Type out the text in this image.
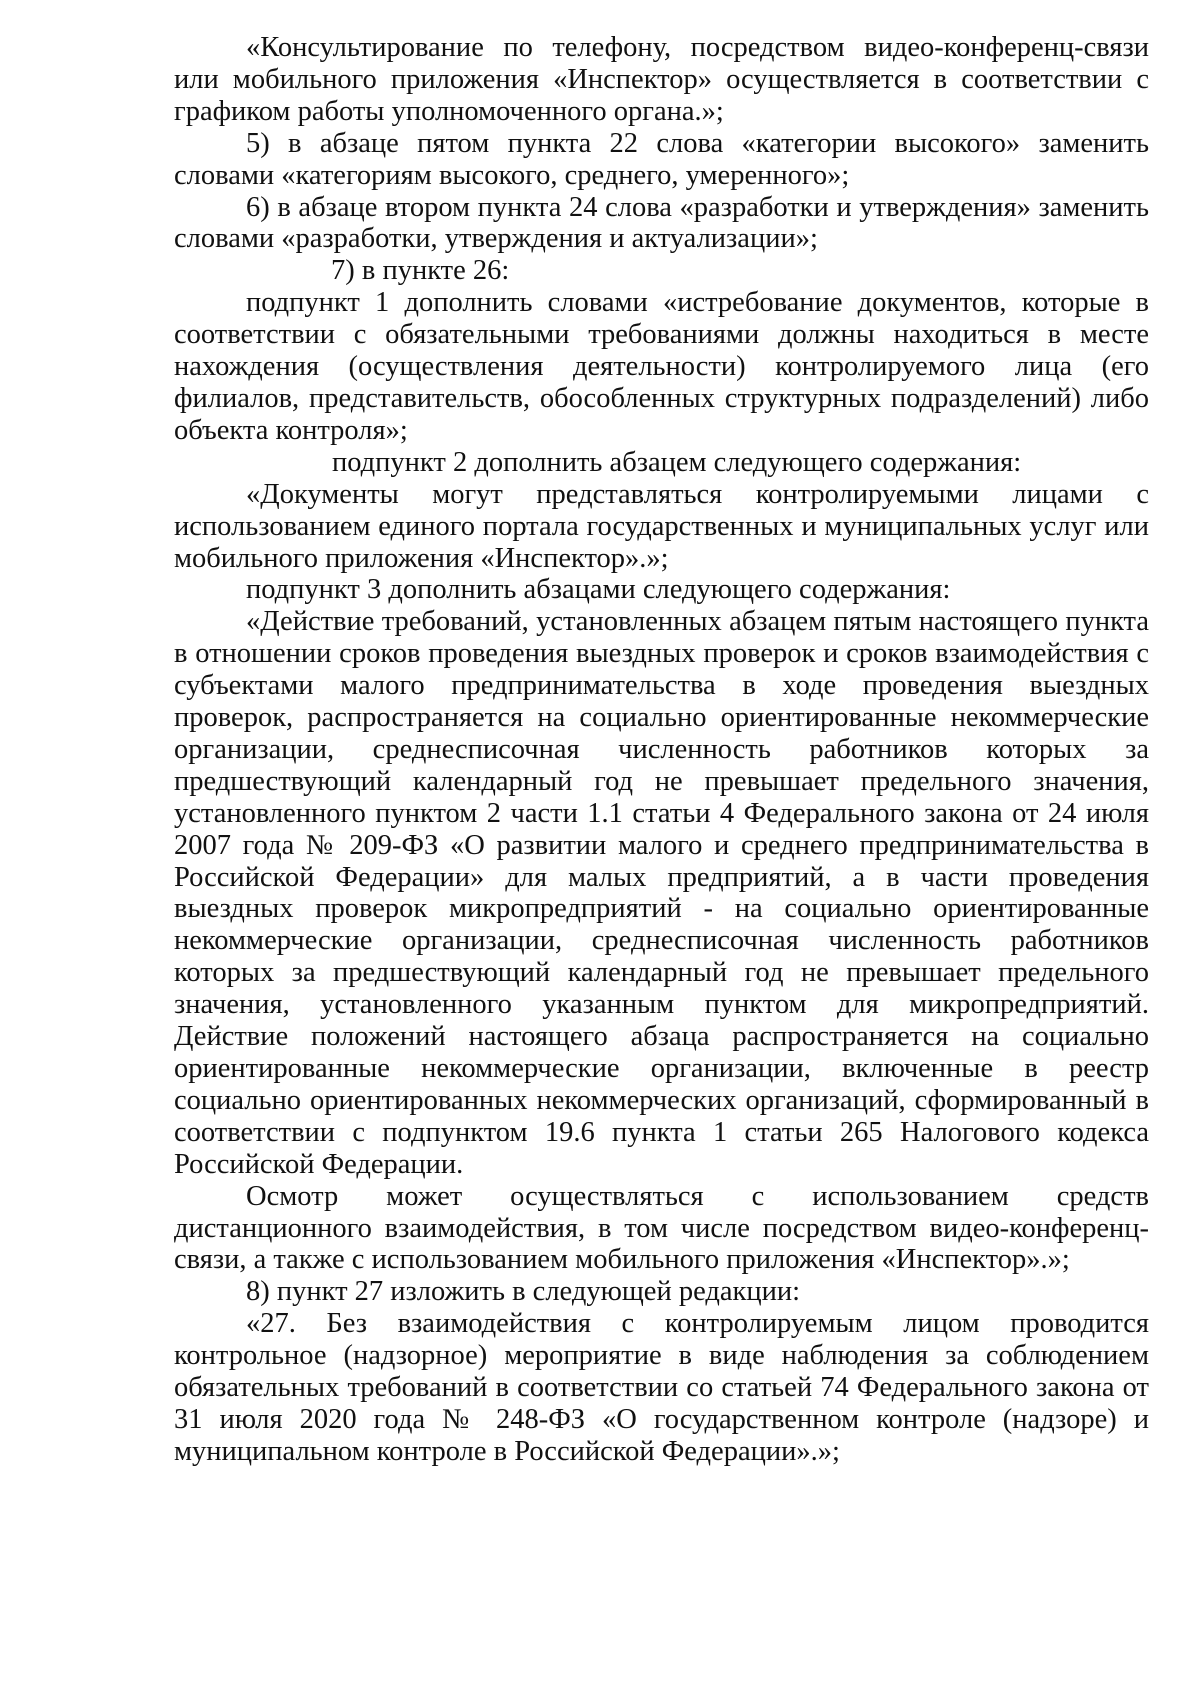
«Консультирование по телефону, посредством видео-конференц-связи или мобильного приложения «Инспектор» осуществляется в соответствии с графиком работы уполномоченного органа.»;

5) в абзаце пятом пункта 22 слова «категории высокого» заменить словами «категориям высокого, среднего, умеренного»;

6) в абзаце втором пункта 24 слова «разработки и утверждения» заменить словами «разработки, утверждения и актуализации»;

7) в пункте 26:

подпункт 1 дополнить словами «истребование документов, которые в соответствии с обязательными требованиями должны находиться в месте нахождения (осуществления деятельности) контролируемого лица (его филиалов, представительств, обособленных структурных подразделений) либо объекта контроля»;

подпункт 2 дополнить абзацем следующего содержания:

«Документы могут представляться контролируемыми лицами с использованием единого портала государственных и муниципальных услуг или мобильного приложения «Инспектор».»;

подпункт 3 дополнить абзацами следующего содержания:

«Действие требований, установленных абзацем пятым настоящего пункта в отношении сроков проведения выездных проверок и сроков взаимодействия с субъектами малого предпринимательства в ходе проведения выездных проверок, распространяется на социально ориентированные некоммерческие организации, среднесписочная численность работников которых за предшествующий календарный год не превышает предельного значения, установленного пунктом 2 части 1.1 статьи 4 Федерального закона от 24 июля 2007 года № 209-ФЗ «О развитии малого и среднего предпринимательства в Российской Федерации» для малых предприятий, а в части проведения выездных проверок микропредприятий - на социально ориентированные некоммерческие организации, среднесписочная численность работников которых за предшествующий календарный год не превышает предельного значения, установленного указанным пунктом для микропредприятий. Действие положений настоящего абзаца распространяется на социально ориентированные некоммерческие организации, включенные в реестр социально ориентированных некоммерческих организаций, сформированный в соответствии с подпунктом 19.6 пункта 1 статьи 265 Налогового кодекса Российской Федерации.

Осмотр может осуществляться с использованием средств дистанционного взаимодействия, в том числе посредством видео-конференц-связи, а также с использованием мобильного приложения «Инспектор».»;

8) пункт 27 изложить в следующей редакции:

«27. Без взаимодействия с контролируемым лицом проводится контрольное (надзорное) мероприятие в виде наблюдения за соблюдением обязательных требований в соответствии со статьей 74 Федерального закона от 31 июля 2020 года № 248-ФЗ «О государственном контроле (надзоре) и муниципальном контроле в Российской Федерации».»;
